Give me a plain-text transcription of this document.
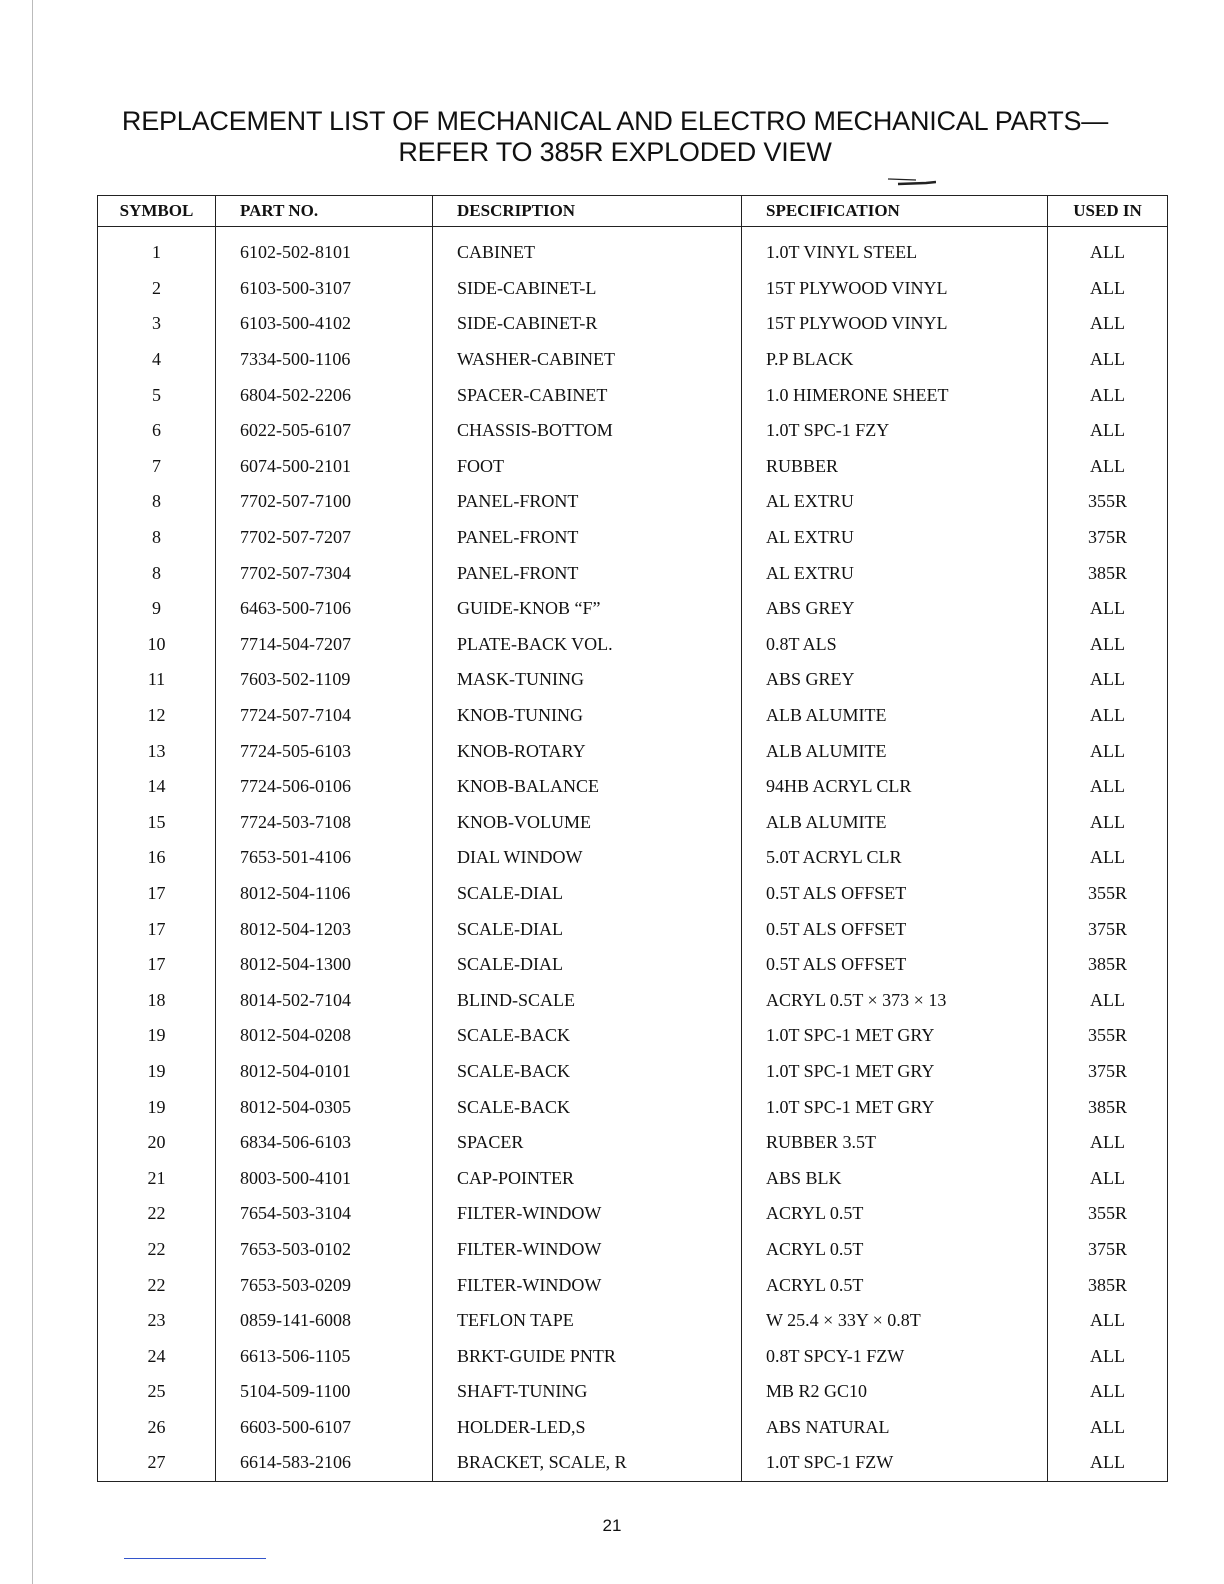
REPLACEMENT LIST OF MECHANICAL AND ELECTRO MECHANICAL PARTS—
REFER TO 385R EXPLODED VIEW
SYMBOL	PART NO.	DESCRIPTION	SPECIFICATION	USED IN

1	6102-502-8101	CABINET	1.0T VINYL STEEL	ALL
2	6103-500-3107	SIDE-CABINET-L	15T PLYWOOD VINYL	ALL
3	6103-500-4102	SIDE-CABINET-R	15T PLYWOOD VINYL	ALL
4	7334-500-1106	WASHER-CABINET	P.P BLACK	ALL
5	6804-502-2206	SPACER-CABINET	1.0 HIMERONE SHEET	ALL
6	6022-505-6107	CHASSIS-BOTTOM	1.0T SPC-1 FZY	ALL
7	6074-500-2101	FOOT	RUBBER	ALL
8	7702-507-7100	PANEL-FRONT	AL EXTRU	355R
8	7702-507-7207	PANEL-FRONT	AL EXTRU	375R
8	7702-507-7304	PANEL-FRONT	AL EXTRU	385R
9	6463-500-7106	GUIDE-KNOB “F”	ABS GREY	ALL
10	7714-504-7207	PLATE-BACK VOL.	0.8T ALS	ALL
11	7603-502-1109	MASK-TUNING	ABS GREY	ALL
12	7724-507-7104	KNOB-TUNING	ALB ALUMITE	ALL
13	7724-505-6103	KNOB-ROTARY	ALB ALUMITE	ALL
14	7724-506-0106	KNOB-BALANCE	94HB ACRYL CLR	ALL
15	7724-503-7108	KNOB-VOLUME	ALB ALUMITE	ALL
16	7653-501-4106	DIAL WINDOW	5.0T ACRYL CLR	ALL
17	8012-504-1106	SCALE-DIAL	0.5T ALS OFFSET	355R
17	8012-504-1203	SCALE-DIAL	0.5T ALS OFFSET	375R
17	8012-504-1300	SCALE-DIAL	0.5T ALS OFFSET	385R
18	8014-502-7104	BLIND-SCALE	ACRYL 0.5T × 373 × 13	ALL
19	8012-504-0208	SCALE-BACK	1.0T SPC-1 MET GRY	355R
19	8012-504-0101	SCALE-BACK	1.0T SPC-1 MET GRY	375R
19	8012-504-0305	SCALE-BACK	1.0T SPC-1 MET GRY	385R
20	6834-506-6103	SPACER	RUBBER 3.5T	ALL
21	8003-500-4101	CAP-POINTER	ABS BLK	ALL
22	7654-503-3104	FILTER-WINDOW	ACRYL 0.5T	355R
22	7653-503-0102	FILTER-WINDOW	ACRYL 0.5T	375R
22	7653-503-0209	FILTER-WINDOW	ACRYL 0.5T	385R
23	0859-141-6008	TEFLON TAPE	W 25.4 × 33Y × 0.8T	ALL
24	6613-506-1105	BRKT-GUIDE PNTR	0.8T SPCY-1 FZW	ALL
25	5104-509-1100	SHAFT-TUNING	MB R2 GC10	ALL
26	6603-500-6107	HOLDER-LED,S	ABS NATURAL	ALL
27	6614-583-2106	BRACKET, SCALE, R	1.0T SPC-1 FZW	ALL
21
